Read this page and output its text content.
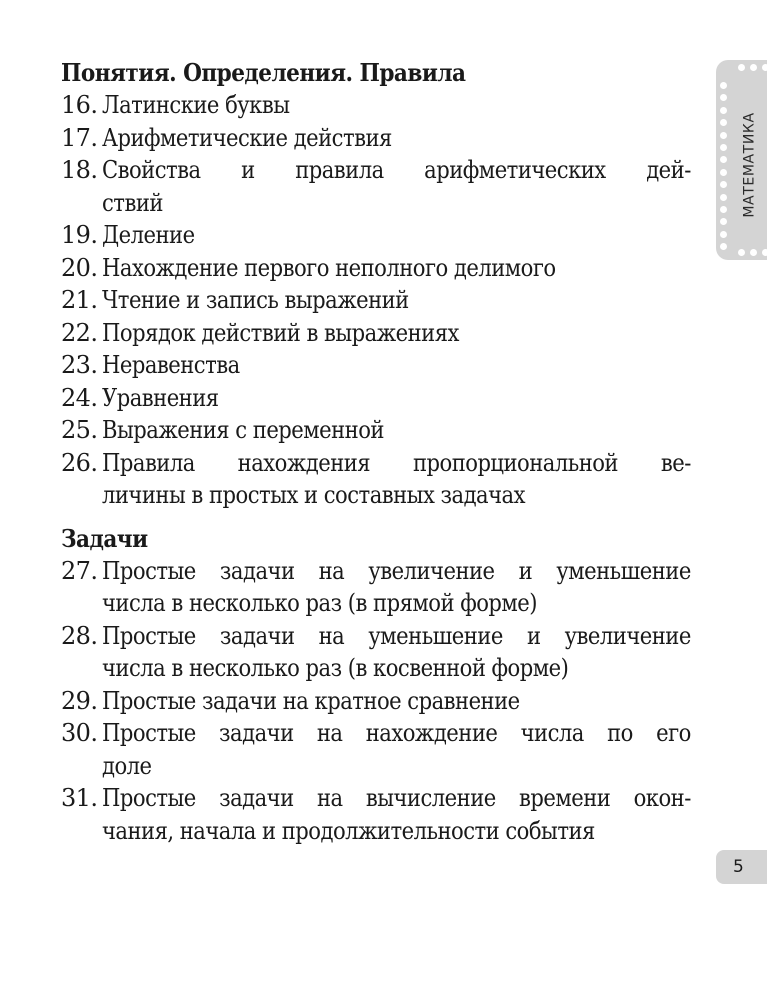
Понятия. Определения. Правила
16. Латинские буквы
17. Арифметические действия
18. Свойства и правила арифметических дей-
ствий
19. Деление
20. Нахождение первого неполного делимого
21. Чтение и запись выражений
22. Порядок действий в выражениях
23. Неравенства
24. Уравнения
25. Выражения с переменной
26. Правила нахождения пропорциональной ве-
личины в простых и составных задачах
Задачи
27. Простые задачи на увеличение и уменьшение
числа в несколько раз (в прямой форме)
28. Простые задачи на уменьшение и увеличение
числа в несколько раз (в косвенной форме)
29. Простые задачи на кратное сравнение
30. Простые задачи на нахождение числа по его
доле
31. Простые задачи на вычисление времени окон-
чания, начала и продолжительности события
МАТЕМАТИКА
5
